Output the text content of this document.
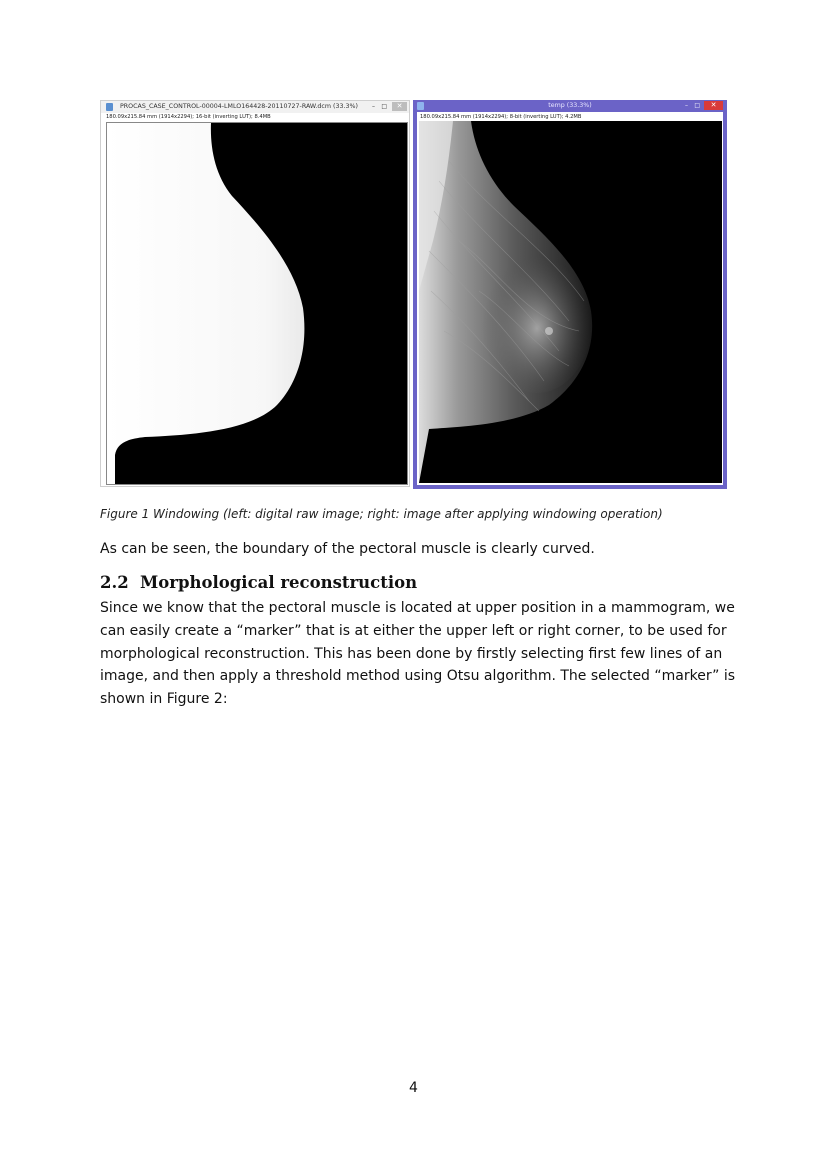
PROCAS_CASE_CONTROL-00004-LMLO164428-20110727-RAW.dcm (33.3%) – □	✕
180.09x215.84 mm (1914x2294); 16-bit (inverting LUT); 8.4MB
temp (33.3%)	– □	✕
180.09x215.84 mm (1914x2294); 8-bit (inverting LUT); 4.2MB
Figure 1 Windowing (left: digital raw image; right: image after applying windowing operation)
As can be seen, the boundary of the pectoral muscle is clearly curved.
2.2 Morphological reconstruction
Since we know that the pectoral muscle is located at upper position in a mammogram, we
can easily create a “marker” that is at either the upper left or right corner, to be used for
morphological reconstruction. This has been done by firstly selecting first few lines of an
image, and then apply a threshold method using Otsu algorithm. The selected “marker” is
shown in Figure 2:
4
